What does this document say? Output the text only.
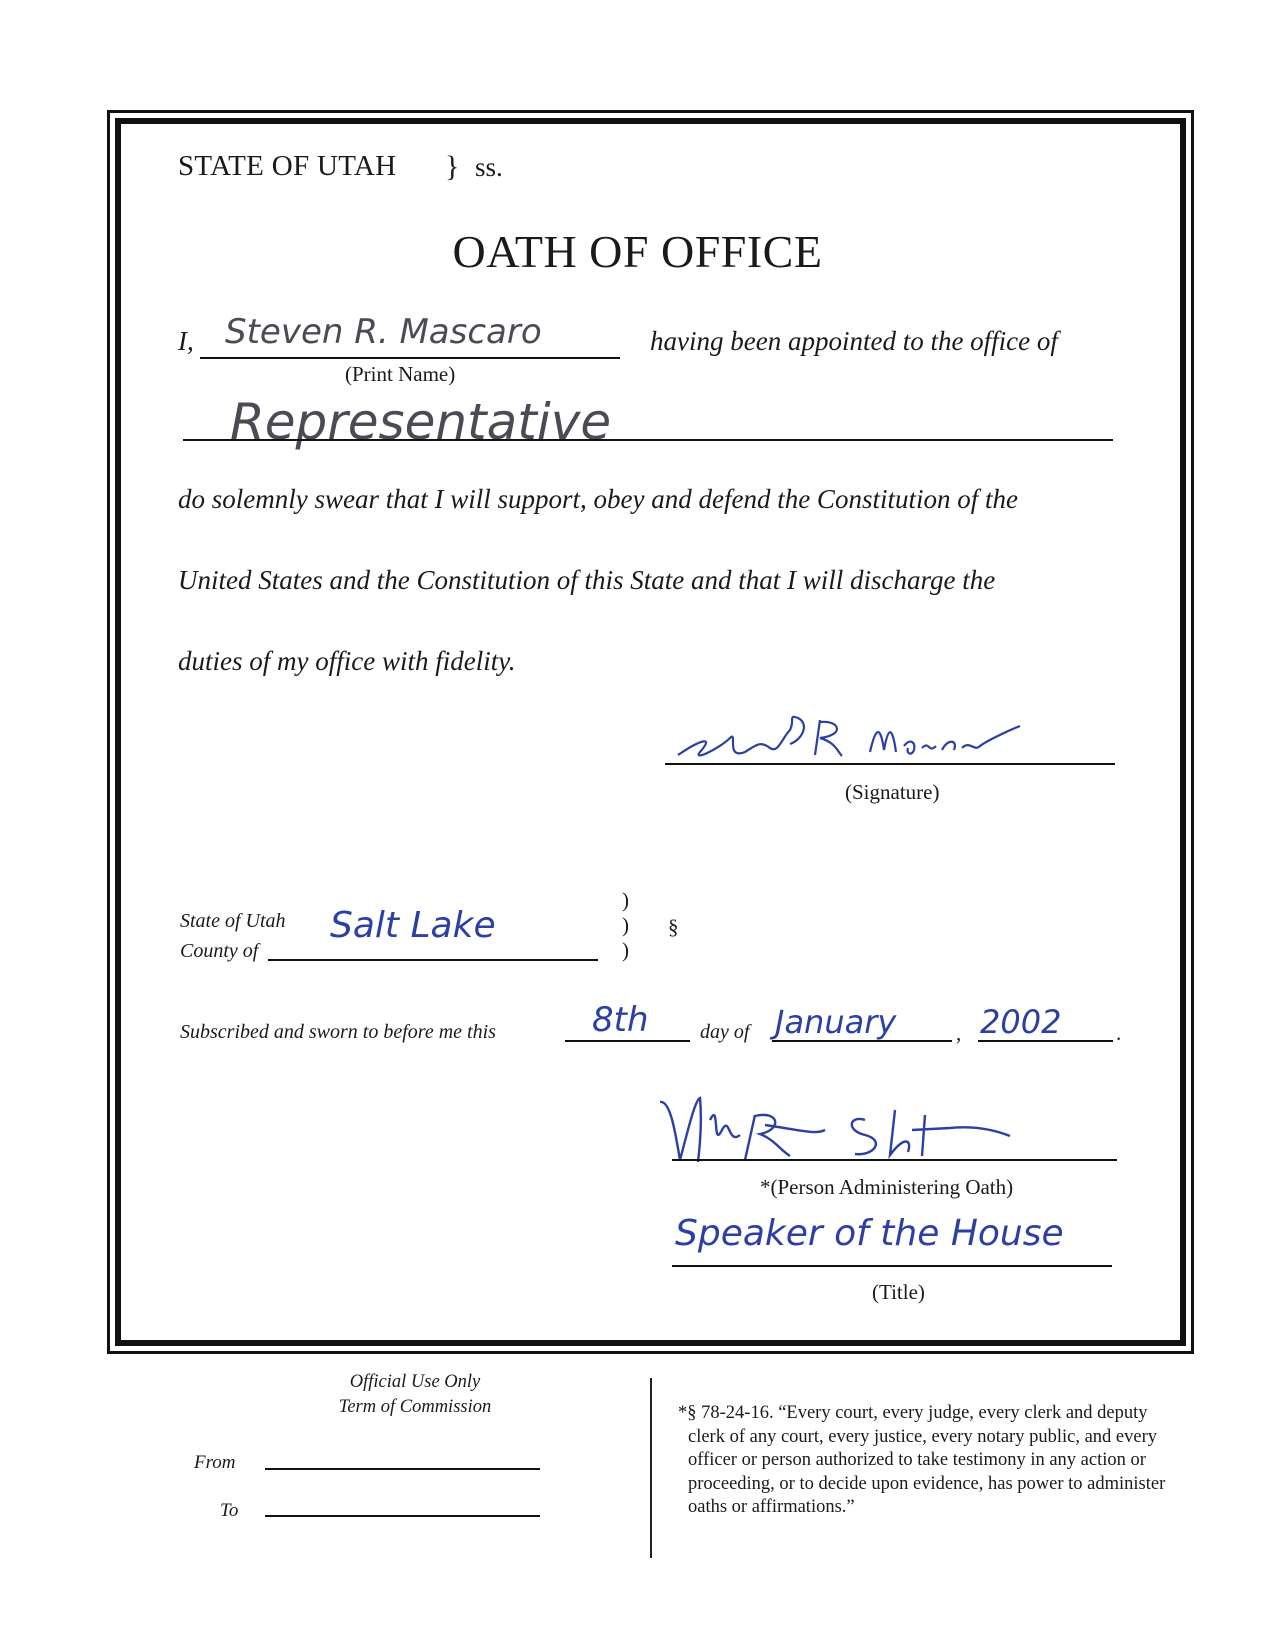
STATE OF UTAH } ss.
OATH OF OFFICE
I, Steven R. Mascaro
(Print Name)
having been appointed to the office of
Representative
do solemnly swear that I will support, obey and defend the Constitution of the
United States and the Constitution of this State and that I will discharge the
duties of my office with fidelity.
(Signature)
State of Utah
County of
Salt Lake
)
)
)
§
Subscribed and sworn to before me this	8th	day of January	, 2002	.
*(Person Administering Oath)
Speaker of the House
(Title)
Official Use Only
Term of Commission
From
To
*§ 78-24-16. “Every court, every judge, every clerk and deputy clerk of any court, every justice, every notary public, and every officer or person authorized to take testimony in any action or proceeding, or to decide upon evidence, has power to administer oaths or affirmations.”
